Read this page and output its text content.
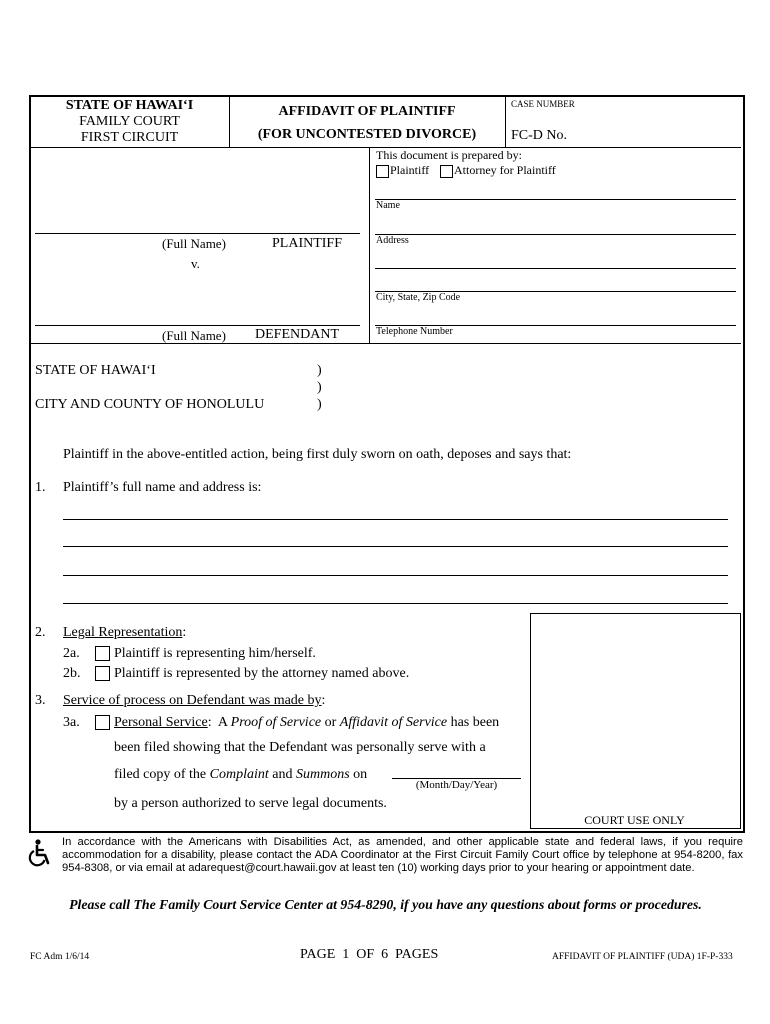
STATE OF HAWAI‘I
FAMILY COURT
FIRST CIRCUIT
AFFIDAVIT OF PLAINTIFF
(FOR UNCONTESTED DIVORCE)
CASE NUMBER
FC-D No.
This document is prepared by:
Plaintiff Attorney for Plaintiff
Name
Address
City, State, Zip Code
Telephone Number
(Full Name)	PLAINTIFF
v.
(Full Name) DEFENDANT
STATE OF HAWAI‘I	)
)
CITY AND COUNTY OF HONOLULU	)
Plaintiff in the above-entitled action, being first duly sworn on oath, deposes and says that:
1. Plaintiff’s full name and address is:
COURT USE ONLY
2. Legal Representation:
2a. Plaintiff is representing him/herself.
2b. Plaintiff is represented by the attorney named above.
3. Service of process on Defendant was made by:
3a. Personal Service:  A Proof of Service or Affidavit of Service has been
been filed showing that the Defendant was personally serve with a
filed copy of the Complaint and Summons on
(Month/Day/Year)
by a person authorized to serve legal documents.
In accordance with the Americans with Disabilities Act, as amended, and other applicable state and federal laws, if you require accommodation for a disability, please contact the ADA Coordinator at the First Circuit Family Court office by telephone at 954-8200, fax 954-8308, or via email at adarequest@court.hawaii.gov at least ten (10) working days prior to your hearing or appointment date.
Please call The Family Court Service Center at 954-8290, if you have any questions about forms or procedures.
FC Adm 1/6/14	PAGE  1  OF  6  PAGES	AFFIDAVIT OF PLAINTIFF (UDA) 1F-P-333
